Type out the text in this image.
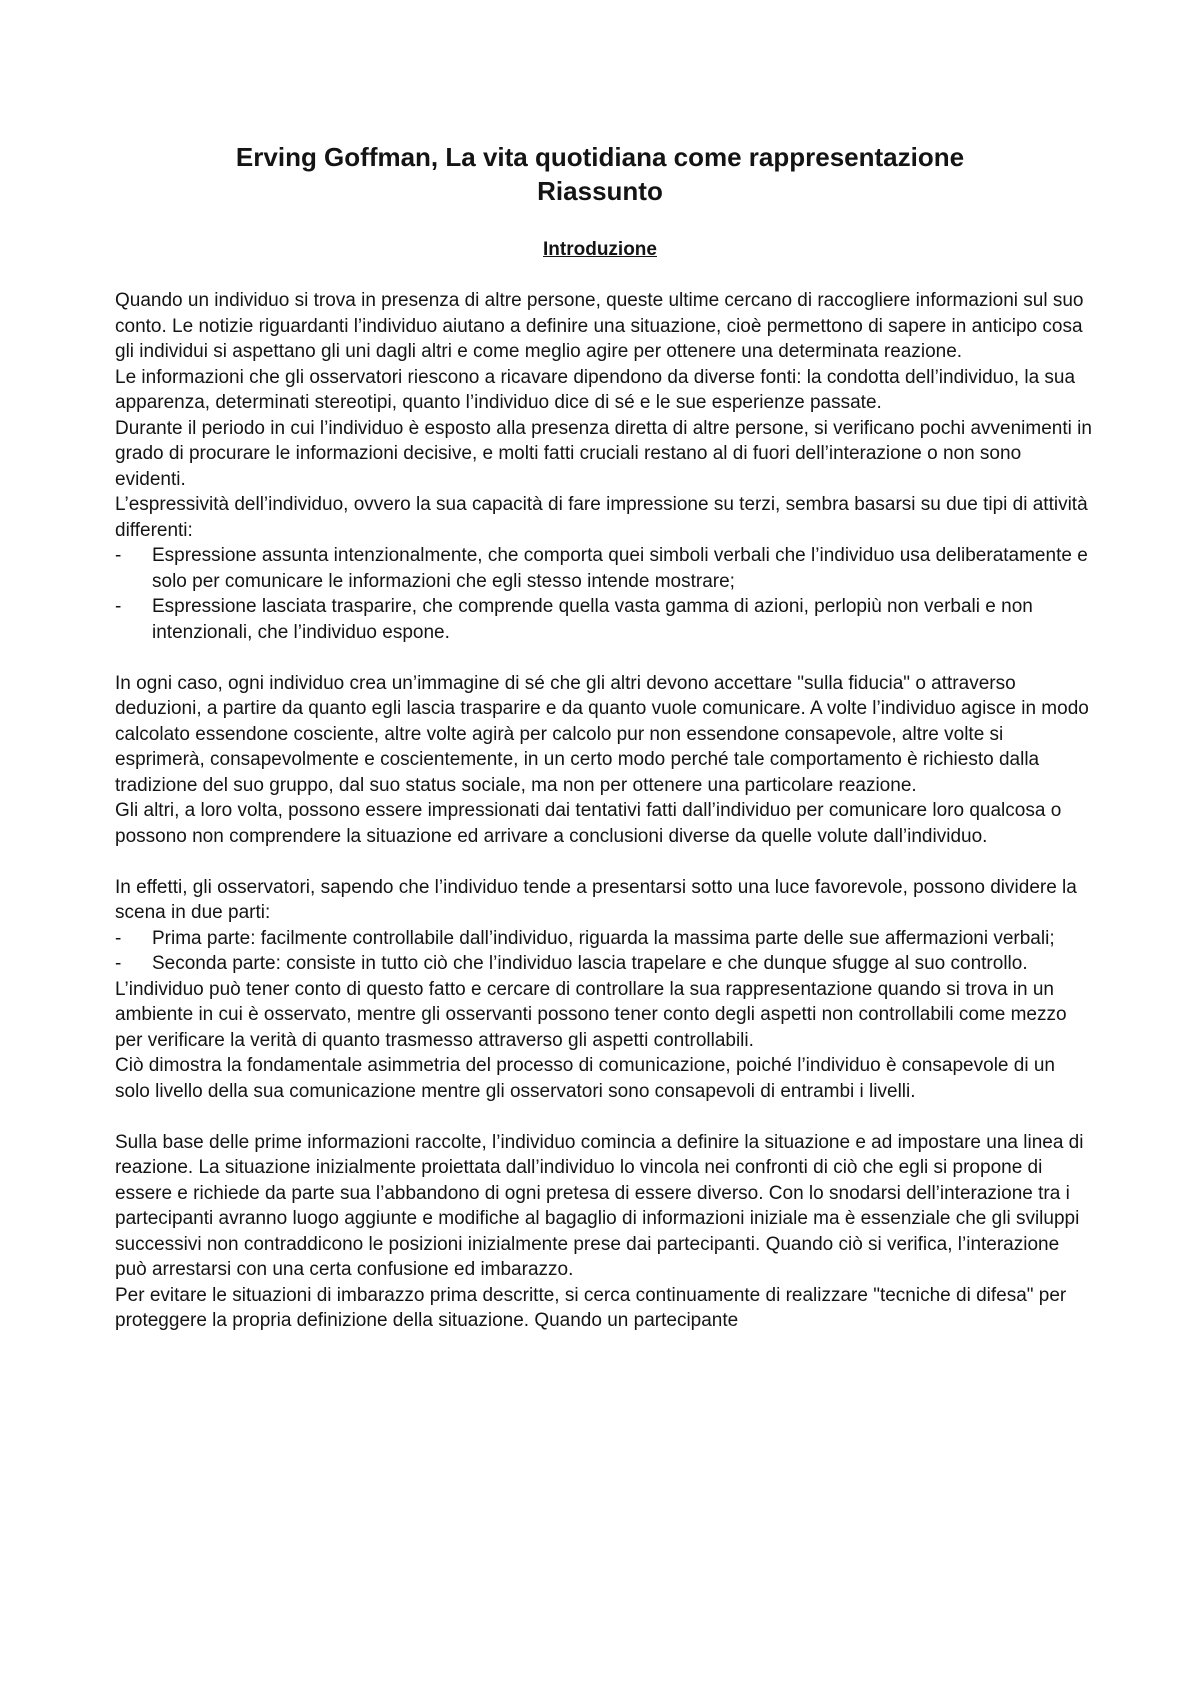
Erving Goffman, La vita quotidiana come rappresentazione
Riassunto
Introduzione

Quando un individuo si trova in presenza di altre persone, queste ultime cercano di raccogliere informazioni sul suo conto. Le notizie riguardanti l’individuo aiutano a definire una situazione, cioè permettono di sapere in anticipo cosa gli individui si aspettano gli uni dagli altri e come meglio agire per ottenere una determinata reazione.

Le informazioni che gli osservatori riescono a ricavare dipendono da diverse fonti: la condotta dell’individuo, la sua apparenza, determinati stereotipi, quanto l’individuo dice di sé e le sue esperienze passate.

Durante il periodo in cui l’individuo è esposto alla presenza diretta di altre persone, si verificano pochi avvenimenti in grado di procurare le informazioni decisive, e molti fatti cruciali restano al di fuori dell’interazione o non sono evidenti.

L’espressività dell’individuo, ovvero la sua capacità di fare impressione su terzi, sembra basarsi su due tipi di attività differenti:

- Espressione assunta intenzionalmente, che comporta quei simboli verbali che l’individuo usa deliberatamente e solo per comunicare le informazioni che egli stesso intende mostrare;
- Espressione lasciata trasparire, che comprende quella vasta gamma di azioni, perlopiù non verbali e non intenzionali, che l’individuo espone.

In ogni caso, ogni individuo crea un’immagine di sé che gli altri devono accettare "sulla fiducia" o attraverso deduzioni, a partire da quanto egli lascia trasparire e da quanto vuole comunicare. A volte l’individuo agisce in modo calcolato essendone cosciente, altre volte agirà per calcolo pur non essendone consapevole, altre volte si esprimerà, consapevolmente e coscientemente, in un certo modo perché tale comportamento è richiesto dalla tradizione del suo gruppo, dal suo status sociale, ma non per ottenere una particolare reazione.

Gli altri, a loro volta, possono essere impressionati dai tentativi fatti dall’individuo per comunicare loro qualcosa o possono non comprendere la situazione ed arrivare a conclusioni diverse da quelle volute dall’individuo.

In effetti, gli osservatori, sapendo che l’individuo tende a presentarsi sotto una luce favorevole, possono dividere la scena in due parti:

- Prima parte: facilmente controllabile dall’individuo, riguarda la massima parte delle sue affermazioni verbali;
- Seconda parte: consiste in tutto ciò che l’individuo lascia trapelare e che dunque sfugge al suo controllo.

L’individuo può tener conto di questo fatto e cercare di controllare la sua rappresentazione quando si trova in un ambiente in cui è osservato, mentre gli osservanti possono tener conto degli aspetti non controllabili come mezzo per verificare la verità di quanto trasmesso attraverso gli aspetti controllabili.

Ciò dimostra la fondamentale asimmetria del processo di comunicazione, poiché l’individuo è consapevole di un solo livello della sua comunicazione mentre gli osservatori sono consapevoli di entrambi i livelli.

Sulla base delle prime informazioni raccolte, l’individuo comincia a definire la situazione e ad impostare una linea di reazione. La situazione inizialmente proiettata dall’individuo lo vincola nei confronti di ciò che egli si propone di essere e richiede da parte sua l’abbandono di ogni pretesa di essere diverso. Con lo snodarsi dell’interazione tra i partecipanti avranno luogo aggiunte e modifiche al bagaglio di informazioni iniziale ma è essenziale che gli sviluppi successivi non contraddicono le posizioni inizialmente prese dai partecipanti. Quando ciò si verifica, l’interazione può arrestarsi con una certa confusione ed imbarazzo.

Per evitare le situazioni di imbarazzo prima descritte, si cerca continuamente di realizzare "tecniche di difesa" per proteggere la propria definizione della situazione. Quando un partecipante
